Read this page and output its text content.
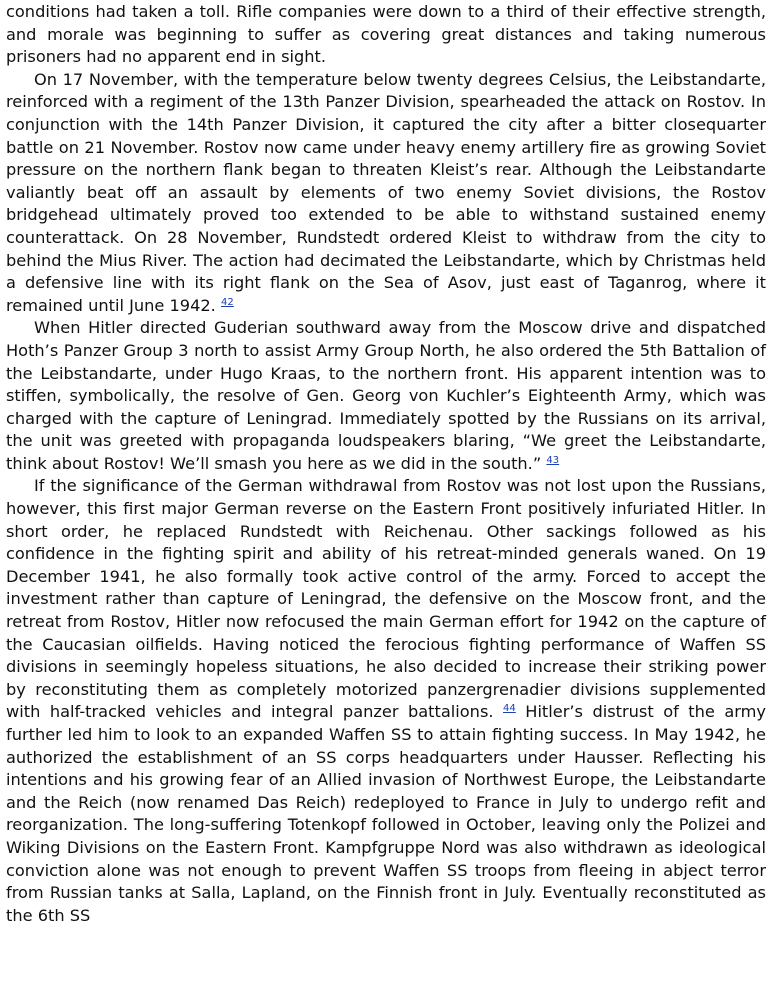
conditions had taken a toll. Rifle companies were down to a third of their effective strength, and morale was beginning to suffer as covering great distances and taking numerous prisoners had no apparent end in sight.

On 17 November, with the temperature below twenty degrees Celsius, the Leibstandarte, reinforced with a regiment of the 13th Panzer Division, spearheaded the attack on Rostov. In conjunction with the 14th Panzer Division, it captured the city after a bitter closequarter battle on 21 November. Rostov now came under heavy enemy artillery fire as growing Soviet pressure on the northern flank began to threaten Kleist’s rear. Although the Leibstandarte valiantly beat off an assault by elements of two enemy Soviet divisions, the Rostov bridgehead ultimately proved too extended to be able to withstand sustained enemy counterattack. On 28 November, Rundstedt ordered Kleist to withdraw from the city to behind the Mius River. The action had decimated the Leibstandarte, which by Christmas held a defensive line with its right flank on the Sea of Asov, just east of Taganrog, where it remained until June 1942. $^{42}$

When Hitler directed Guderian southward away from the Moscow drive and dispatched Hoth’s Panzer Group 3 north to assist Army Group North, he also ordered the 5th Battalion of the Leibstandarte, under Hugo Kraas, to the northern front. His apparent intention was to stiffen, symbolically, the resolve of Gen. Georg von Kuchler’s Eighteenth Army, which was charged with the capture of Leningrad. Immediately spotted by the Russians on its arrival, the unit was greeted with propaganda loudspeakers blaring, “We greet the Leibstandarte, think about Rostov! We’ll smash you here as we did in the south.” $^{43}$

If the significance of the German withdrawal from Rostov was not lost upon the Russians, however, this first major German reverse on the Eastern Front positively infuriated Hitler. In short order, he replaced Rundstedt with Reichenau. Other sackings followed as his confidence in the fighting spirit and ability of his retreat-minded generals waned. On 19 December 1941, he also formally took active control of the army. Forced to accept the investment rather than capture of Leningrad, the defensive on the Moscow front, and the retreat from Rostov, Hitler now refocused the main German effort for 1942 on the capture of the Caucasian oilfields. Having noticed the ferocious fighting performance of Waffen SS divisions in seemingly hopeless situations, he also decided to increase their striking power by reconstituting them as completely motorized panzergrenadier divisions supplemented with half-tracked vehicles and integral panzer battalions. $^{44}$ Hitler’s distrust of the army further led him to look to an expanded Waffen SS to attain fighting success. In May 1942, he authorized the establishment of an SS corps headquarters under Hausser. Reflecting his intentions and his growing fear of an Allied invasion of Northwest Europe, the Leibstandarte and the Reich (now renamed Das Reich) redeployed to France in July to undergo refit and reorganization. The long-suffering Totenkopf followed in October, leaving only the Polizei and Wiking Divisions on the Eastern Front. Kampfgruppe Nord was also withdrawn as ideological conviction alone was not enough to prevent Waffen SS troops from fleeing in abject terror from Russian tanks at Salla, Lapland, on the Finnish front in July. Eventually reconstituted as the 6th SS
